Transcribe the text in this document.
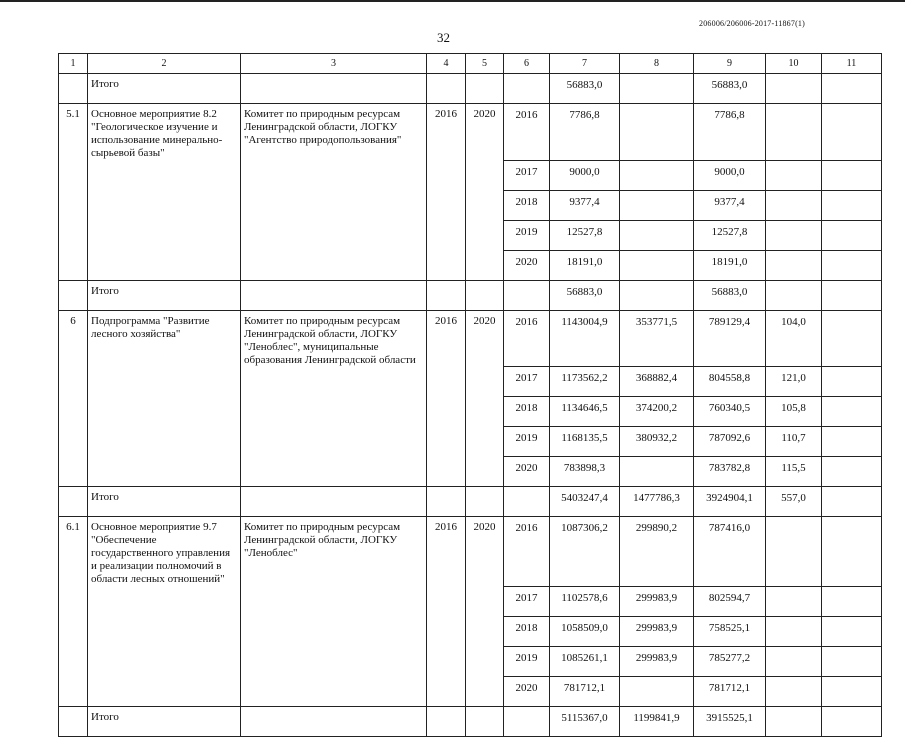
206006/206006-2017-11867(1)
32
1	2	3	4	5	6	7	8	9	10	11
	Итого					56883,0		56883,0		
5.1	Основное мероприятие 8.2 "Геологическое изучение и использование минерально-сырьевой базы"	Комитет по природным ресурсам Ленинградской области, ЛОГКУ "Агентство природопользования"	2016	2020	2016	7786,8		7786,8		
					2017	9000,0		9000,0		
					2018	9377,4		9377,4		
					2019	12527,8		12527,8		
					2020	18191,0		18191,0		
	Итого					56883,0		56883,0		
6	Подпрограмма "Развитие лесного хозяйства"	Комитет по природным ресурсам Ленинградской области, ЛОГКУ "Леноблес", муниципальные образования Ленинградской области	2016	2020	2016	1143004,9	353771,5	789129,4	104,0	
					2017	1173562,2	368882,4	804558,8	121,0	
					2018	1134646,5	374200,2	760340,5	105,8	
					2019	1168135,5	380932,2	787092,6	110,7	
					2020	783898,3		783782,8	115,5	
	Итого					5403247,4	1477786,3	3924904,1	557,0	
6.1	Основное мероприятие 9.7 "Обеспечение государственного управления и реализации полномочий в области лесных отношений"	Комитет по природным ресурсам Ленинградской области, ЛОГКУ "Леноблес"	2016	2020	2016	1087306,2	299890,2	787416,0		
					2017	1102578,6	299983,9	802594,7		
					2018	1058509,0	299983,9	758525,1		
					2019	1085261,1	299983,9	785277,2		
					2020	781712,1		781712,1		
	Итого					5115367,0	1199841,9	3915525,1		
